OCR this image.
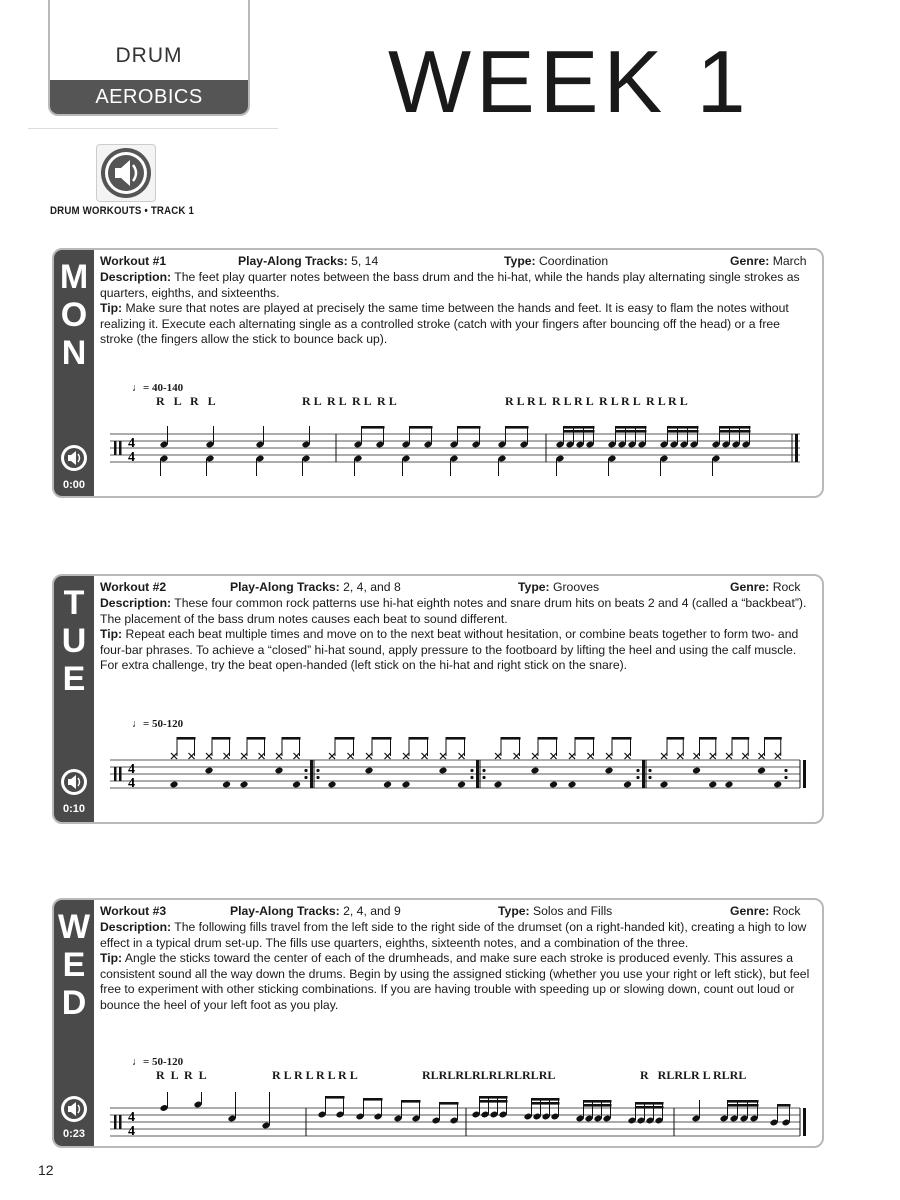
DRUM
AEROBICS	WEEK 1
DRUM WORKOUTS • TRACK 1
M
O
N
0:00
Workout #1	Play-Along Tracks: 5, 14	Type: Coordination	Genre: March
Description: The feet play quarter notes between the bass drum and the hi-hat, while the hands play alternating single strokes as quarters, eighths, and sixteenths.
Tip: Make sure that notes are played at precisely the same time between the hands and feet. It is easy to flam the notes without realizing it. Execute each alternating single as a controlled stroke (catch with your fingers after bouncing off the head) or a free stroke (the fingers allow the stick to bounce back up).
♩= 40-140
R   L   R   L	R L  R L  R L  R L	R L R L  R L R L  R L R L  R L R L
4
4
T
U
E
0:10
Workout #2	Play-Along Tracks: 2, 4, and 8	Type: Grooves	Genre: Rock
Description: These four common rock patterns use hi-hat eighth notes and snare drum hits on beats 2 and 4 (called a “backbeat”). The placement of the bass drum notes causes each beat to sound different.
Tip: Repeat each beat multiple times and move on to the next beat without hesitation, or combine beats together to form two- and four-bar phrases. To achieve a “closed” hi-hat sound, apply pressure to the footboard by lifting the heel and using the calf muscle. For extra challenge, try the beat open-handed (left stick on the hi-hat and right stick on the snare).
♩= 50-120
4
4
W
E
D
0:23
Workout #3	Play-Along Tracks: 2, 4, and 9	Type: Solos and Fills	Genre: Rock
Description: The following fills travel from the left side to the right side of the drumset (on a right-handed kit), creating a high to low effect in a typical drum set-up. The fills use quarters, eighths, sixteenth notes, and a combination of the three.
Tip: Angle the sticks toward the center of each of the drumheads, and make sure each stroke is produced evenly. This assures a consistent sound all the way down the drums. Begin by using the assigned sticking (whether you use your right or left stick), but feel free to experiment with other sticking combinations. If you are having trouble with speeding up or slowing down, count out loud or bounce the heel of your left foot as you play.
♩= 50-120
R  L  R  L	R L R L R L R L	RLRLRLRLRLRLRLRL	R   RLRLR L RLRL
4
4
12
